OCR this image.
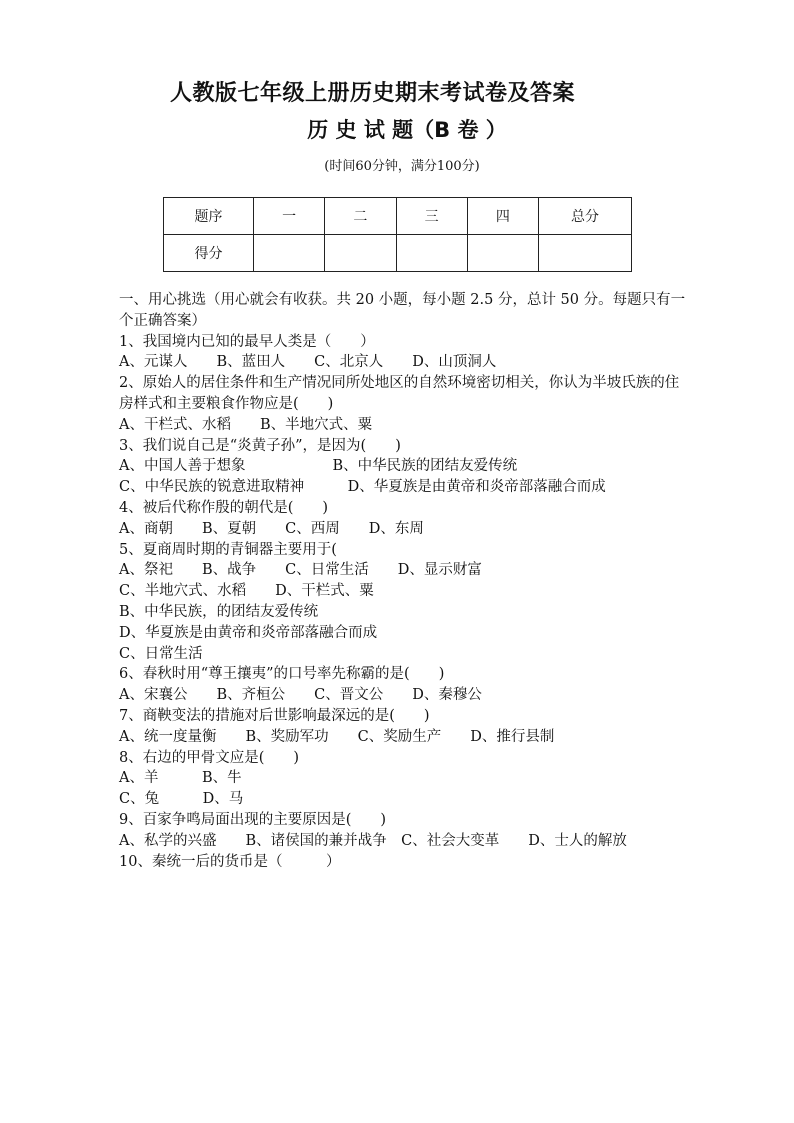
人教版七年级上册历史期末考试卷及答案
历 史 试 题（B 卷 ）
(时间60分钟，满分100分)
题序	一	二	三	四	总分
得分					
一、用心挑选（用心就会有收获。共 20 小题，每小题 2.5 分，总计 50 分。每题只有一个正确答案）
1、我国境内已知的最早人类是（　　）
A、元谋人　　B、蓝田人　　C、北京人　　D、山顶洞人
2、原始人的居住条件和生产情况同所处地区的自然环境密切相关，你认为半坡氏族的住房样式和主要粮食作物应是(　　)
A、干栏式、水稻　　B、半地穴式、粟
3、我们说自己是“炎黄子孙”，是因为(　　)
A、中国人善于想象　　　　　　B、中华民族的团结友爱传统
C、中华民族的锐意进取精神　　　D、华夏族是由黄帝和炎帝部落融合而成
4、被后代称作殷的朝代是(　　)
A、商朝　　B、夏朝　　C、西周　　D、东周
5、夏商周时期的青铜器主要用于(
A、祭祀　　B、战争　　C、日常生活　　D、显示财富
C、半地穴式、水稻　　D、干栏式、粟
B、中华民族，的团结友爱传统
D、华夏族是由黄帝和炎帝部落融合而成
C、日常生活
6、春秋时用“尊王攘夷”的口号率先称霸的是(　　)
A、宋襄公　　B、齐桓公　　C、晋文公　　D、秦穆公
7、商鞅变法的措施对后世影响最深远的是(　　)
A、统一度量衡　　B、奖励军功　　C、奖励生产　　D、推行县制
8、右边的甲骨文应是(　　)
A、羊　　　B、牛
C、兔　　　D、马
9、百家争鸣局面出现的主要原因是(　　)
A、私学的兴盛　　B、诸侯国的兼并战争　C、社会大变革　　D、士人的解放
10、秦统一后的货币是（　　　）
